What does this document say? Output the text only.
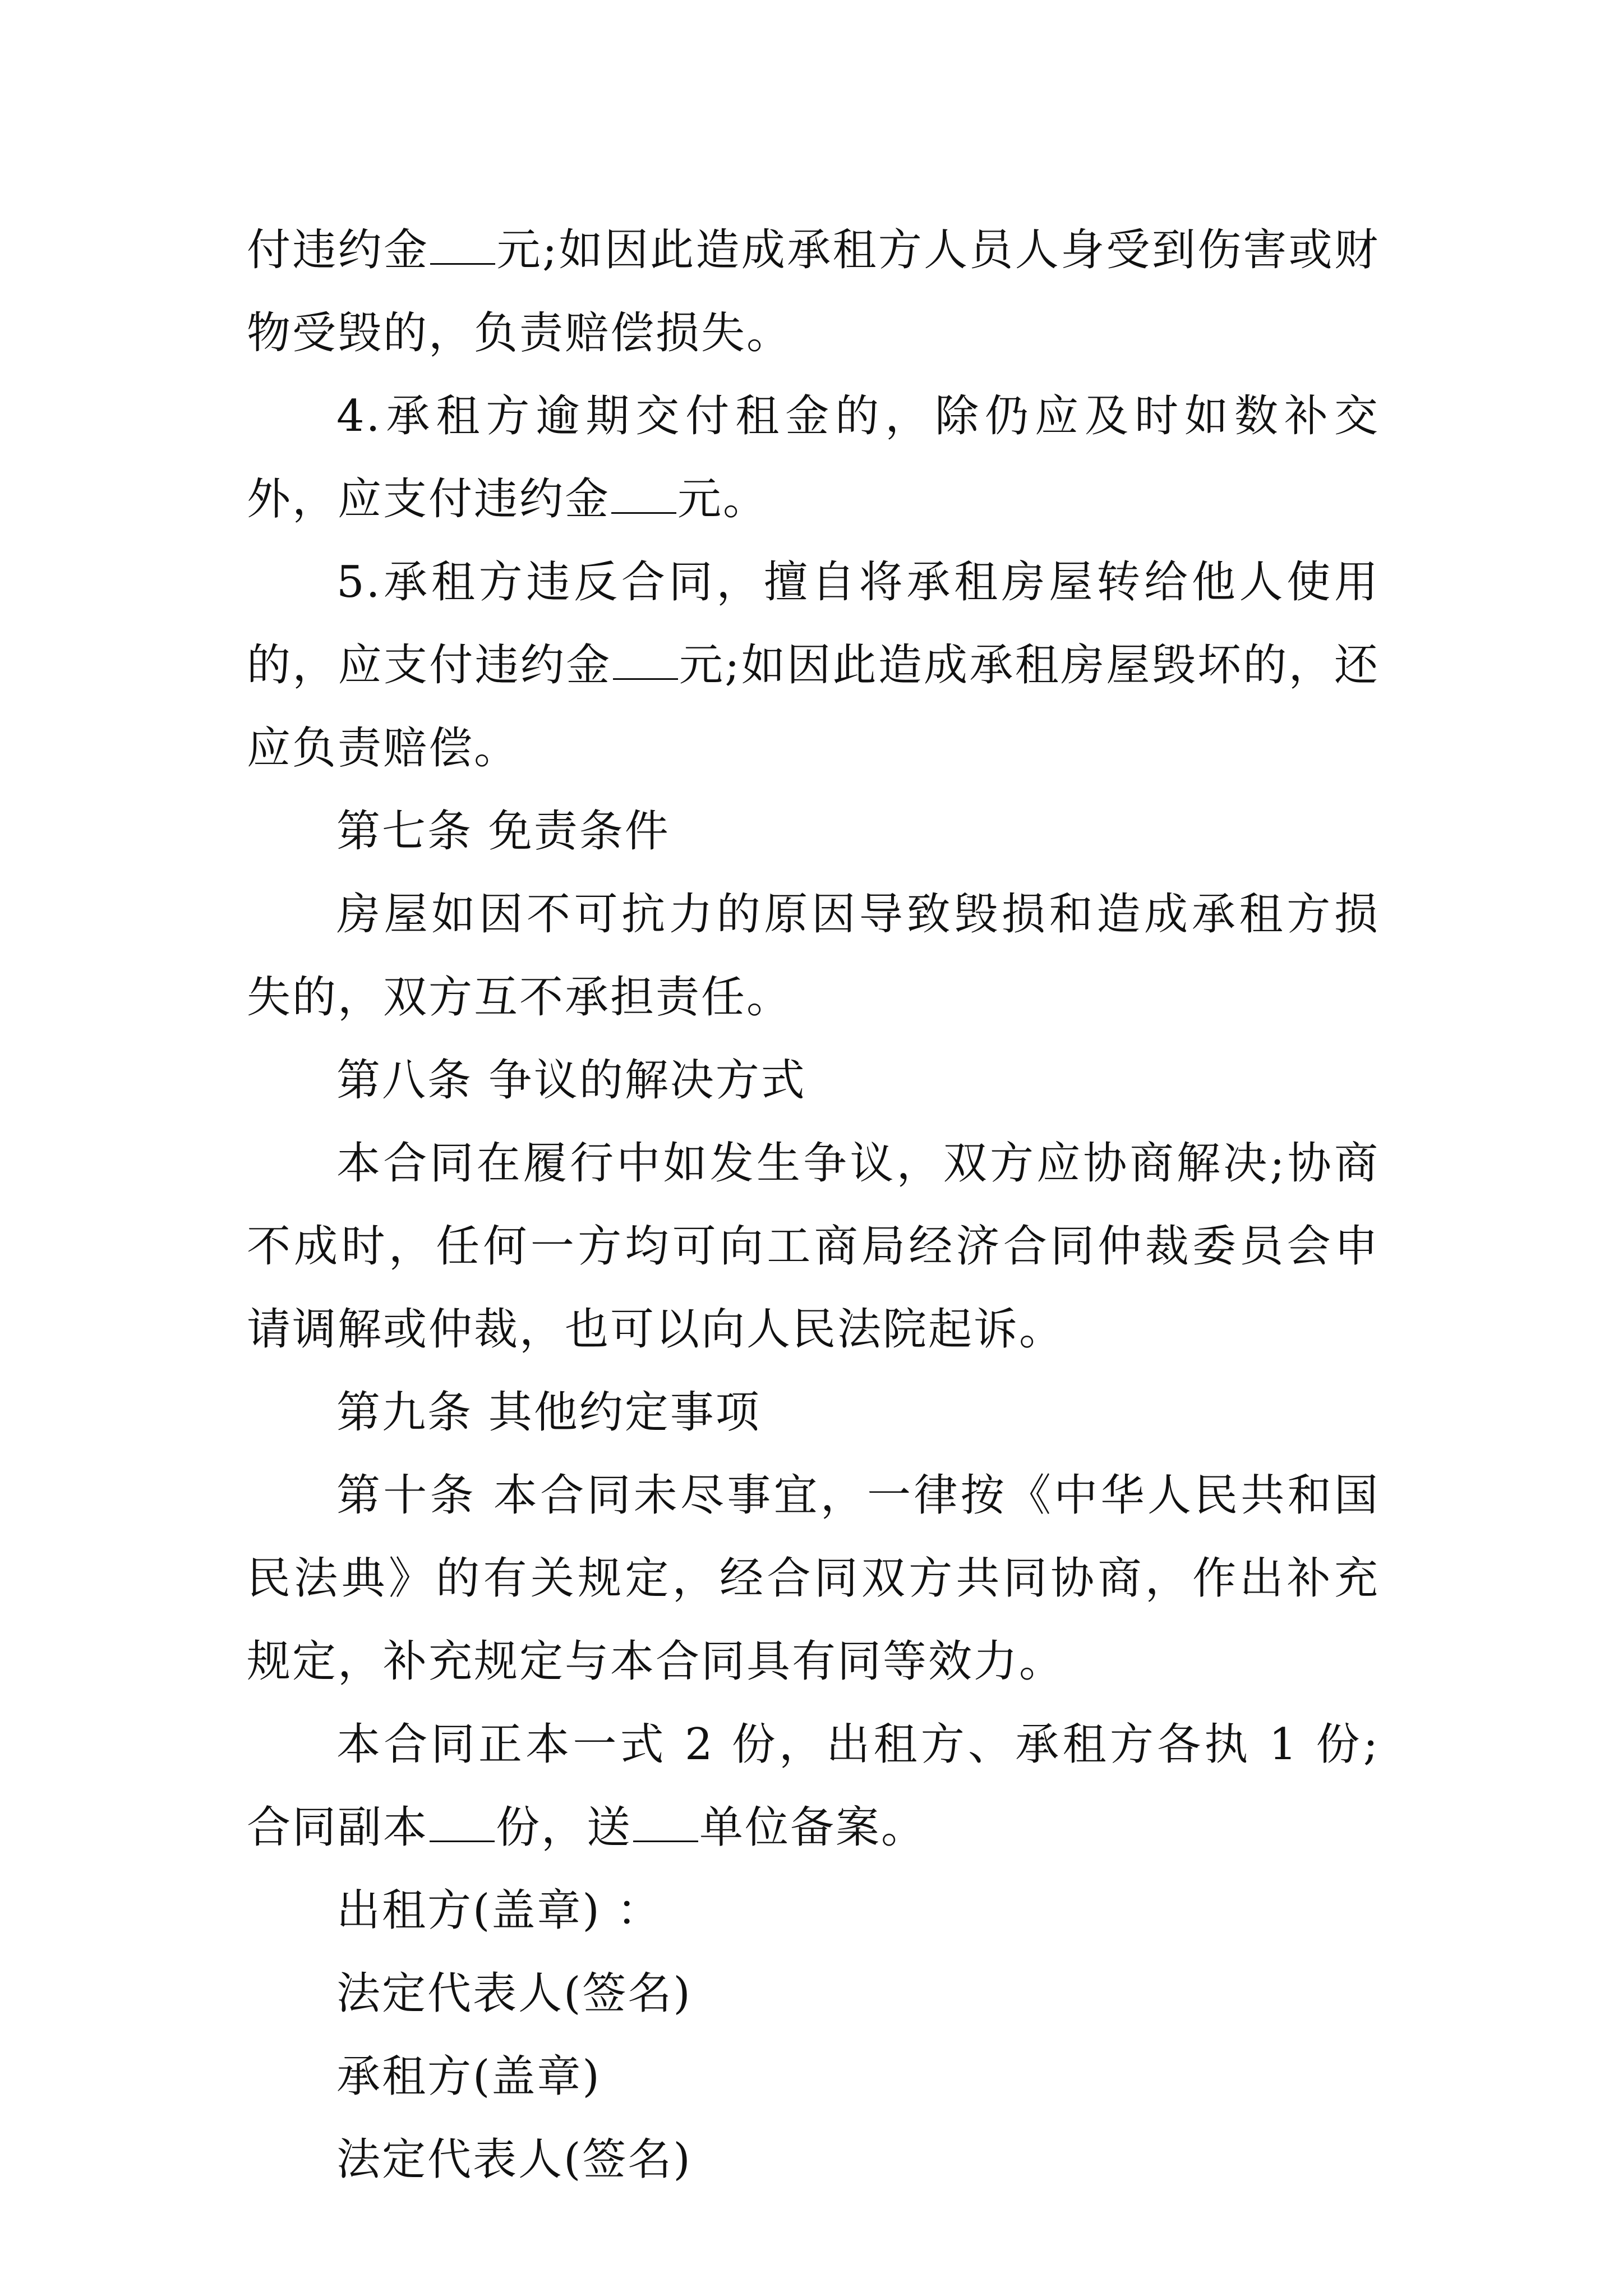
付违约金 元;如因此造成承租方人员人身受到伤害或财物受毁的，负责赔偿损失。

4.承租方逾期交付租金的，除仍应及时如数补交外，应支付违约金 元。

5.承租方违反合同，擅自将承租房屋转给他人使用的，应支付违约金 元;如因此造成承租房屋毁坏的，还应负责赔偿。

第七条 免责条件

房屋如因不可抗力的原因导致毁损和造成承租方损失的，双方互不承担责任。

第八条 争议的解决方式

本合同在履行中如发生争议，双方应协商解决;协商不成时，任何一方均可向工商局经济合同仲裁委员会申请调解或仲裁，也可以向人民法院起诉。

第九条 其他约定事项

第十条 本合同未尽事宜，一律按《中华人民共和国民法典》的有关规定，经合同双方共同协商，作出补充规定，补充规定与本合同具有同等效力。

本合同正本一式 2 份，出租方、承租方各执 1 份;合同副本 份，送 单位备案。

出租方(盖章) ：

法定代表人(签名)

承租方(盖章)

法定代表人(签名)
